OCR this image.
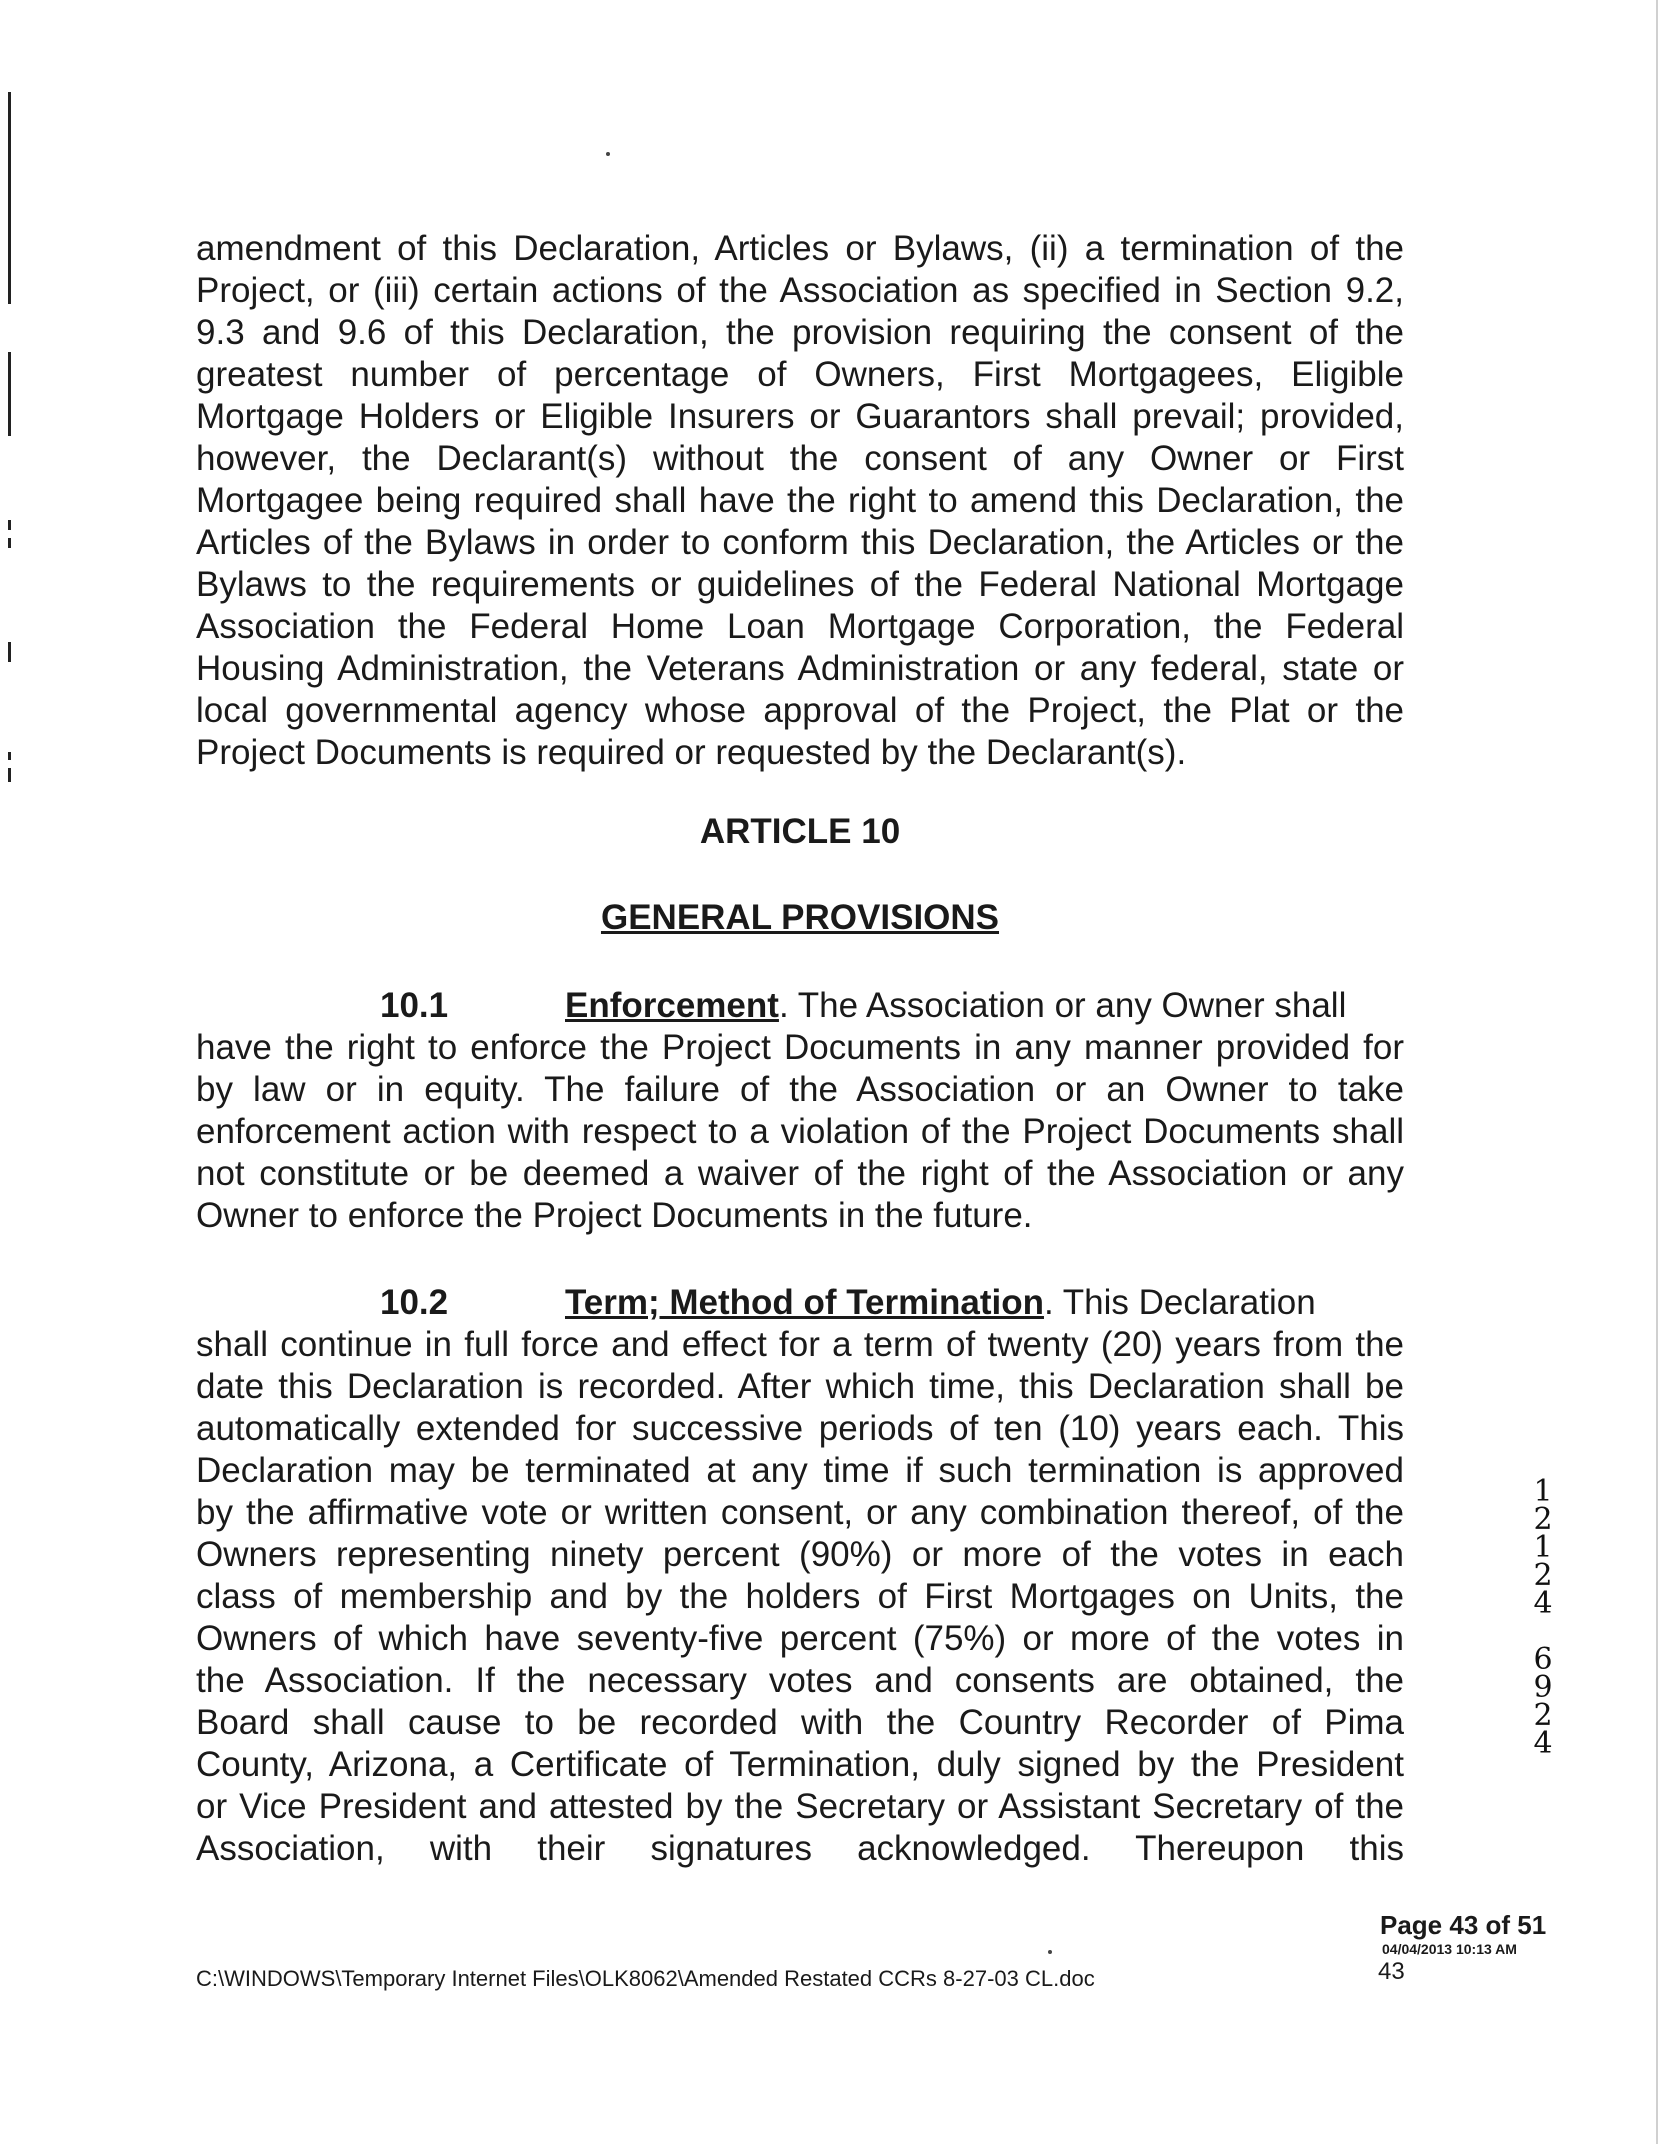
amendment of this Declaration, Articles or Bylaws, (ii) a termination of the
Project, or (iii) certain actions of the Association as specified in Section 9.2,
9.3 and 9.6 of this Declaration, the provision requiring the consent of the
greatest number of percentage of Owners, First Mortgagees, Eligible
Mortgage Holders or Eligible Insurers or Guarantors shall prevail; provided,
however, the Declarant(s) without the consent of any Owner or First
Mortgagee being required shall have the right to amend this Declaration, the
Articles of the Bylaws in order to conform this Declaration, the Articles or the
Bylaws to the requirements or guidelines of the Federal National Mortgage
Association the Federal Home Loan Mortgage Corporation, the Federal
Housing Administration, the Veterans Administration or any federal, state or
local governmental agency whose approval of the Project, the Plat or the
Project Documents is required or requested by the Declarant(s).
ARTICLE 10
GENERAL PROVISIONS
10.1	Enforcement. The Association or any Owner shall
have the right to enforce the Project Documents in any manner provided for
by law or in equity. The failure of the Association or an Owner to take
enforcement action with respect to a violation of the Project Documents shall
not constitute or be deemed a waiver of the right of the Association or any
Owner to enforce the Project Documents in the future.
10.2	Term; Method of Termination. This Declaration
shall continue in full force and effect for a term of twenty (20) years from the
date this Declaration is recorded. After which time, this Declaration shall be
automatically extended for successive periods of ten (10) years each. This
Declaration may be terminated at any time if such termination is approved
by the affirmative vote or written consent, or any combination thereof, of the
Owners representing ninety percent (90%) or more of the votes in each
class of membership and by the holders of First Mortgages on Units, the
Owners of which have seventy-five percent (75%) or more of the votes in
the Association. If the necessary votes and consents are obtained, the
Board shall cause to be recorded with the Country Recorder of Pima
County, Arizona, a Certificate of Termination, duly signed by the President
or Vice President and attested by the Secretary or Assistant Secretary of the
Association, with their signatures acknowledged. Thereupon this
1
2
1
2
4
6
9
2
4
Page 43 of 51
04/04/2013 10:13 AM
43
C:\WINDOWS\Temporary Internet Files\OLK8062\Amended Restated CCRs 8-27-03 CL.doc
